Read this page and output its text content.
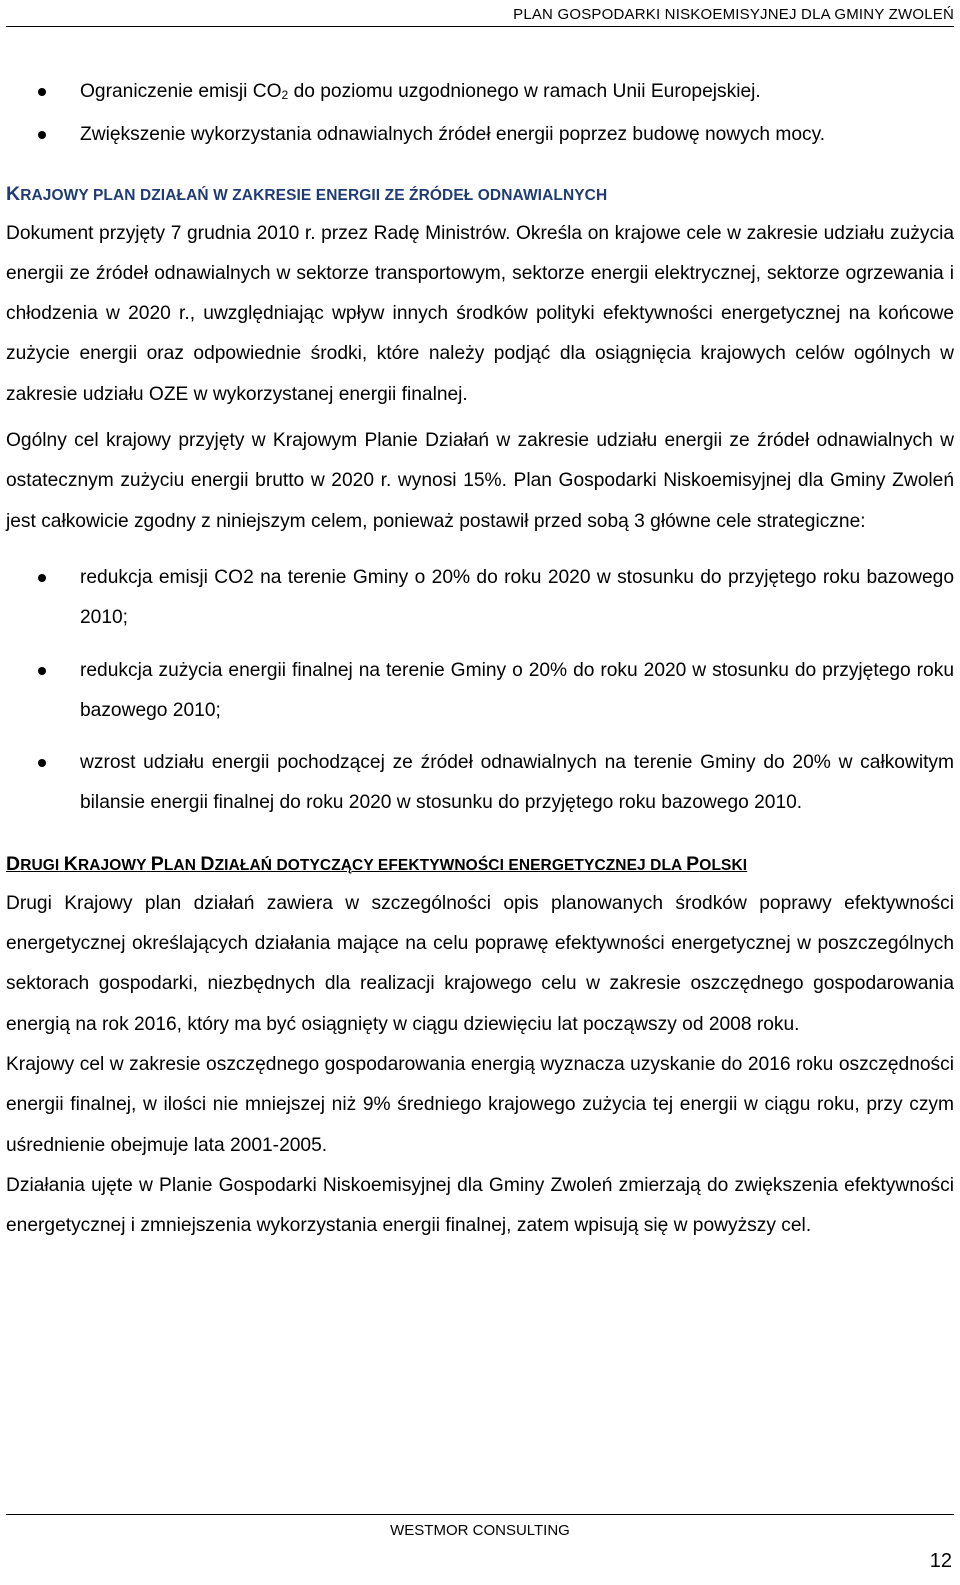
PLAN GOSPODARKI NISKOEMISYJNEJ DLA GMINY ZWOLEŃ
Ograniczenie emisji $CO_2$ do poziomu uzgodnionego w ramach Unii Europejskiej.
Zwiększenie wykorzystania odnawialnych źródeł energii poprzez budowę nowych mocy.
KRAJOWY PLAN DZIAŁAŃ W ZAKRESIE ENERGII ZE ŹRÓDEŁ ODNAWIALNYCH

Dokument przyjęty 7 grudnia 2010 r. przez Radę Ministrów. Określa on krajowe cele w zakresie udziału zużycia energii ze źródeł odnawialnych w sektorze transportowym, sektorze energii elektrycznej, sektorze ogrzewania i chłodzenia w 2020 r., uwzględniając wpływ innych środków polityki efektywności energetycznej na końcowe zużycie energii oraz odpowiednie środki, które należy podjąć dla osiągnięcia krajowych celów ogólnych w zakresie udziału OZE w wykorzystanej energii finalnej.

Ogólny cel krajowy przyjęty w Krajowym Planie Działań w zakresie udziału energii ze źródeł odnawialnych w ostatecznym zużyciu energii brutto w 2020 r. wynosi 15%. Plan Gospodarki Niskoemisyjnej dla Gminy Zwoleń jest całkowicie zgodny z niniejszym celem, ponieważ postawił przed sobą 3 główne cele strategiczne:

redukcja emisji CO2 na terenie Gminy o 20% do roku 2020 w stosunku do przyjętego roku bazowego 2010;
redukcja zużycia energii finalnej na terenie Gminy o 20% do roku 2020 w stosunku do przyjętego roku bazowego 2010;
wzrost udziału energii pochodzącej ze źródeł odnawialnych na terenie Gminy do 20% w całkowitym bilansie energii finalnej do roku 2020 w stosunku do przyjętego roku bazowego 2010.
DRUGI KRAJOWY PLAN DZIAŁAŃ DOTYCZĄCY EFEKTYWNOŚCI ENERGETYCZNEJ DLA POLSKI

Drugi Krajowy plan działań zawiera w szczególności opis planowanych środków poprawy efektywności energetycznej określających działania mające na celu poprawę efektywności energetycznej w poszczególnych sektorach gospodarki, niezbędnych dla realizacji krajowego celu w zakresie oszczędnego gospodarowania energią na rok 2016, który ma być osiągnięty w ciągu dziewięciu lat począwszy od 2008 roku.

Krajowy cel w zakresie oszczędnego gospodarowania energią wyznacza uzyskanie do 2016 roku oszczędności energii finalnej, w ilości nie mniejszej niż 9% średniego krajowego zużycia tej energii w ciągu roku, przy czym uśrednienie obejmuje lata 2001-2005.

Działania ujęte w Planie Gospodarki Niskoemisyjnej dla Gminy Zwoleń zmierzają do zwiększenia efektywności energetycznej i zmniejszenia wykorzystania energii finalnej, zatem wpisują się w powyższy cel.

WESTMOR CONSULTING
12
